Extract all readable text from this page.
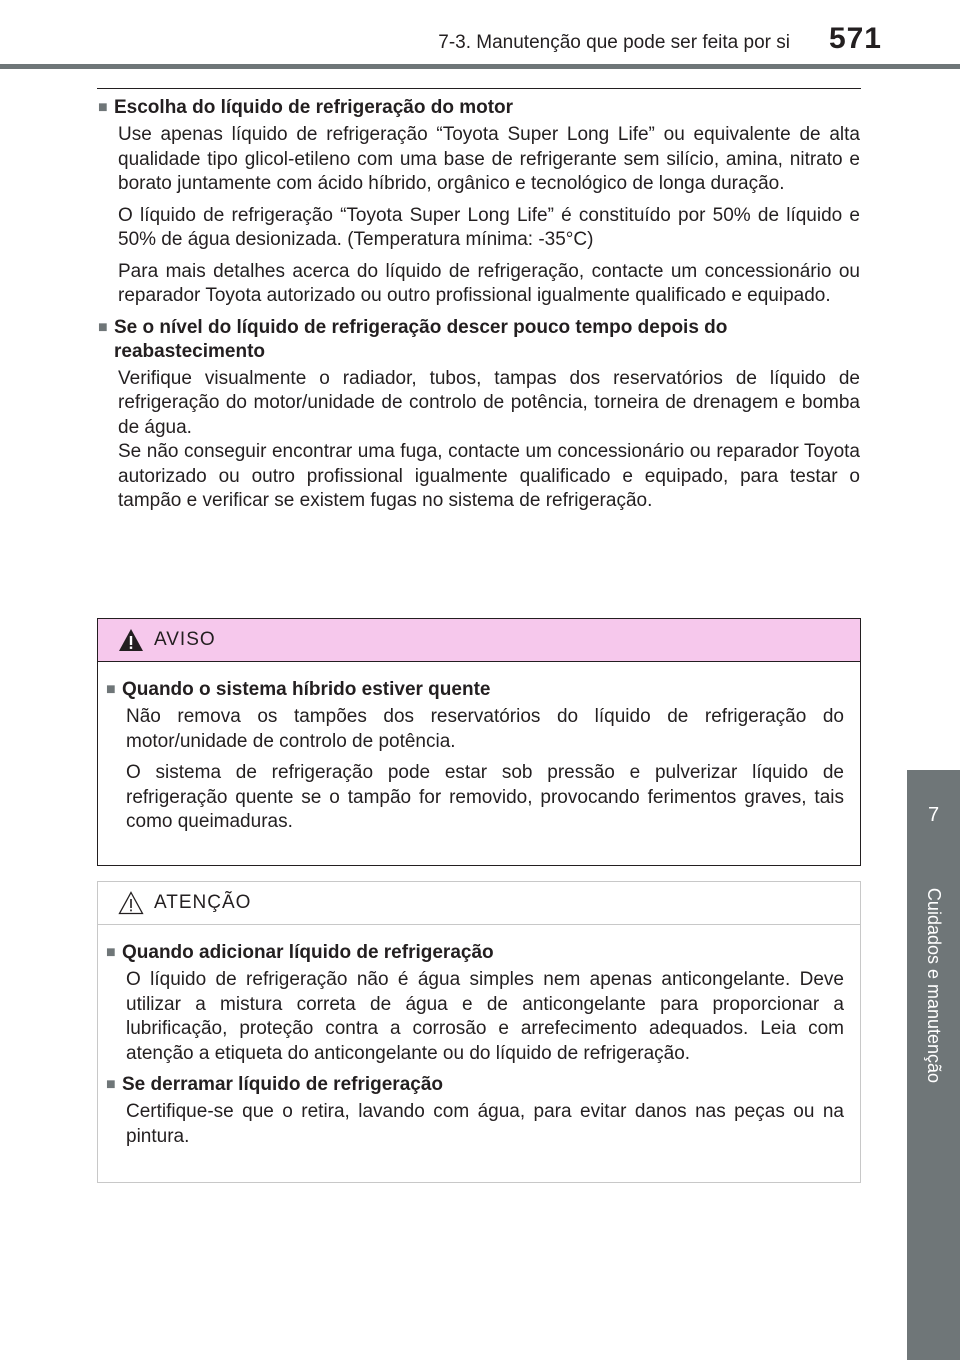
7-3. Manutenção que pode ser feita por si 571
7
Cuidados e manutenção
■ Escolha do líquido de refrigeração do motor

Use apenas líquido de refrigeração “Toyota Super Long Life” ou equivalente de alta qualidade tipo glicol-etileno com uma base de refrigerante sem silício, amina, nitrato e borato juntamente com ácido híbrido, orgânico e tecnológico de longa duração.

O líquido de refrigeração “Toyota Super Long Life” é constituído por 50% de líquido e 50% de água desionizada. (Temperatura mínima: -35°C)

Para mais detalhes acerca do líquido de refrigeração, contacte um concessionário ou reparador Toyota autorizado ou outro profissional igualmente qualificado e equipado.

■ Se o nível do líquido de refrigeração descer pouco tempo depois do reabastecimento

Verifique visualmente o radiador, tubos, tampas dos reservatórios de líquido de refrigeração do motor/unidade de controlo de potência, torneira de drenagem e bomba de água.

Se não conseguir encontrar uma fuga, contacte um concessionário ou reparador Toyota autorizado ou outro profissional igualmente qualificado e equipado, para testar o tampão e verificar se existem fugas no sistema de refrigeração.

AVISO
■ Quando o sistema híbrido estiver quente

Não remova os tampões dos reservatórios do líquido de refrigeração do motor/unidade de controlo de potência.

O sistema de refrigeração pode estar sob pressão e pulverizar líquido de refrigeração quente se o tampão for removido, provocando ferimentos graves, tais como queimaduras.

ATENÇÃO
■ Quando adicionar líquido de refrigeração

O líquido de refrigeração não é água simples nem apenas anticongelante. Deve utilizar a mistura correta de água e de anticongelante para proporcionar a lubrificação, proteção contra a corrosão e arrefecimento adequados. Leia com atenção a etiqueta do anticongelante ou do líquido de refrigeração.

■ Se derramar líquido de refrigeração

Certifique-se que o retira, lavando com água, para evitar danos nas peças ou na pintura.
